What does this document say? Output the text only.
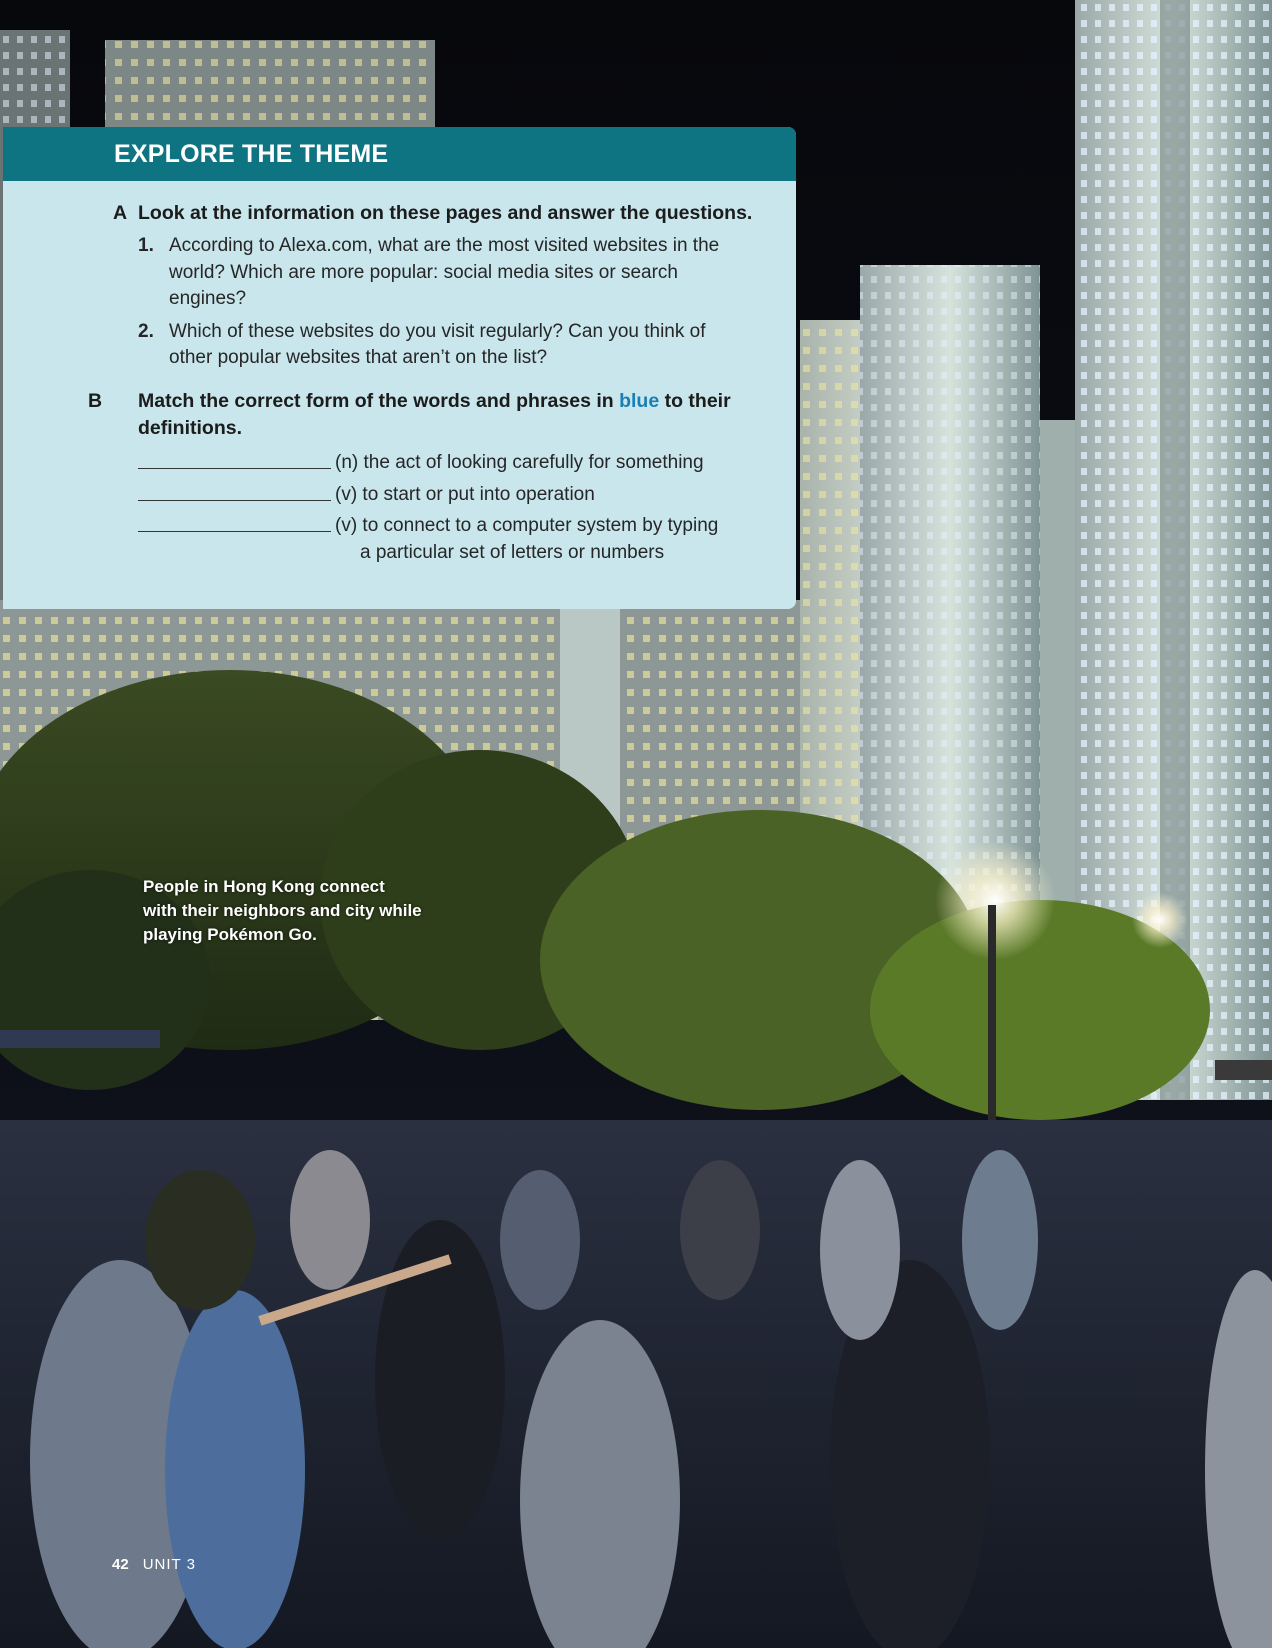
EXPLORE THE THEME
A Look at the information on these pages and answer the questions.
1. According to Alexa.com, what are the most visited websites in the world? Which are more popular: social media sites or search engines?
2. Which of these websites do you visit regularly? Can you think of other popular websites that aren’t on the list?
B Match the correct form of the words and phrases in blue to their definitions.
(n) the act of looking carefully for something
(v) to start or put into operation
(v) to connect to a computer system by typing
a particular set of letters or numbers
People in Hong Kong connect with their neighbors and city while playing Pokémon Go.
42 UNIT 3
